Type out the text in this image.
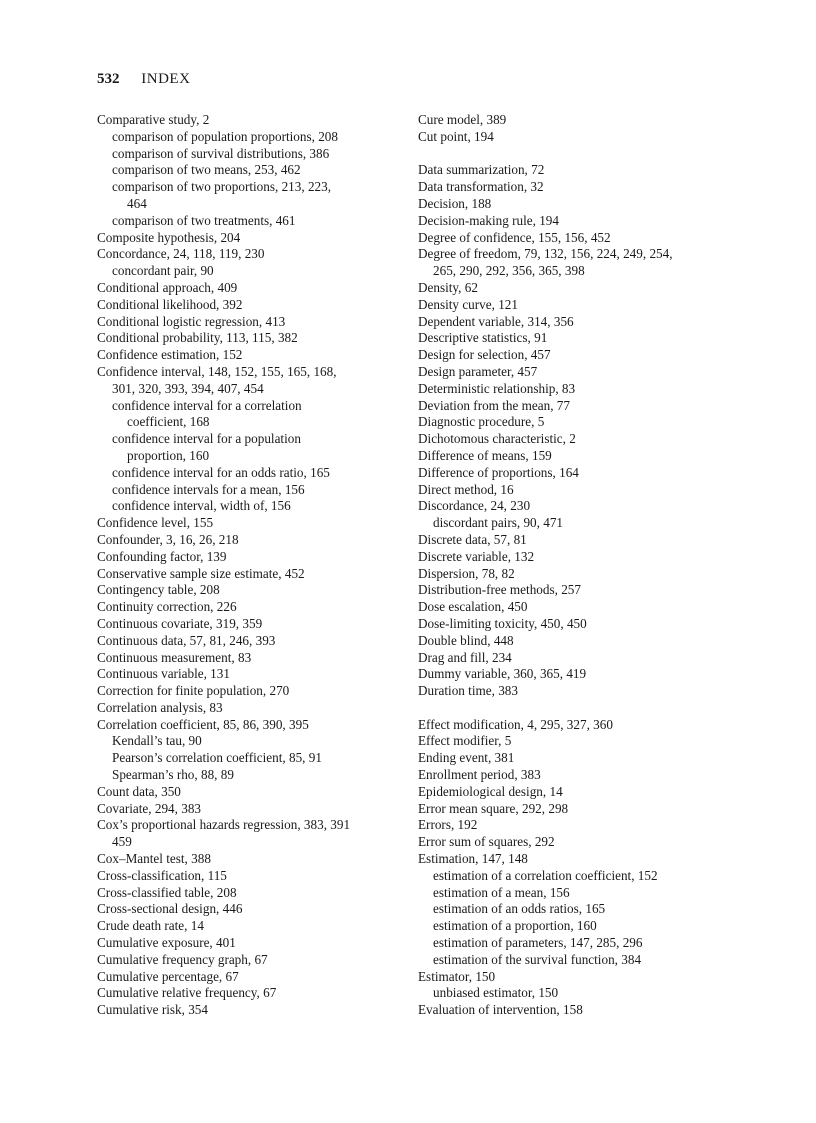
532 INDEX
Comparative study, 2
comparison of population proportions, 208
comparison of survival distributions, 386
comparison of two means, 253, 462
comparison of two proportions, 213, 223,
464
comparison of two treatments, 461
Composite hypothesis, 204
Concordance, 24, 118, 119, 230
concordant pair, 90
Conditional approach, 409
Conditional likelihood, 392
Conditional logistic regression, 413
Conditional probability, 113, 115, 382
Confidence estimation, 152
Confidence interval, 148, 152, 155, 165, 168,
301, 320, 393, 394, 407, 454
confidence interval for a correlation
coefficient, 168
confidence interval for a population
proportion, 160
confidence interval for an odds ratio, 165
confidence intervals for a mean, 156
confidence interval, width of, 156
Confidence level, 155
Confounder, 3, 16, 26, 218
Confounding factor, 139
Conservative sample size estimate, 452
Contingency table, 208
Continuity correction, 226
Continuous covariate, 319, 359
Continuous data, 57, 81, 246, 393
Continuous measurement, 83
Continuous variable, 131
Correction for finite population, 270
Correlation analysis, 83
Correlation coefficient, 85, 86, 390, 395
Kendall’s tau, 90
Pearson’s correlation coefficient, 85, 91
Spearman’s rho, 88, 89
Count data, 350
Covariate, 294, 383
Cox’s proportional hazards regression, 383, 391
459
Cox–Mantel test, 388
Cross-classification, 115
Cross-classified table, 208
Cross-sectional design, 446
Crude death rate, 14
Cumulative exposure, 401
Cumulative frequency graph, 67
Cumulative percentage, 67
Cumulative relative frequency, 67
Cumulative risk, 354
Cure model, 389
Cut point, 194
Data summarization, 72
Data transformation, 32
Decision, 188
Decision-making rule, 194
Degree of confidence, 155, 156, 452
Degree of freedom, 79, 132, 156, 224, 249, 254,
265, 290, 292, 356, 365, 398
Density, 62
Density curve, 121
Dependent variable, 314, 356
Descriptive statistics, 91
Design for selection, 457
Design parameter, 457
Deterministic relationship, 83
Deviation from the mean, 77
Diagnostic procedure, 5
Dichotomous characteristic, 2
Difference of means, 159
Difference of proportions, 164
Direct method, 16
Discordance, 24, 230
discordant pairs, 90, 471
Discrete data, 57, 81
Discrete variable, 132
Dispersion, 78, 82
Distribution-free methods, 257
Dose escalation, 450
Dose-limiting toxicity, 450, 450
Double blind, 448
Drag and fill, 234
Dummy variable, 360, 365, 419
Duration time, 383
Effect modification, 4, 295, 327, 360
Effect modifier, 5
Ending event, 381
Enrollment period, 383
Epidemiological design, 14
Error mean square, 292, 298
Errors, 192
Error sum of squares, 292
Estimation, 147, 148
estimation of a correlation coefficient, 152
estimation of a mean, 156
estimation of an odds ratios, 165
estimation of a proportion, 160
estimation of parameters, 147, 285, 296
estimation of the survival function, 384
Estimator, 150
unbiased estimator, 150
Evaluation of intervention, 158
